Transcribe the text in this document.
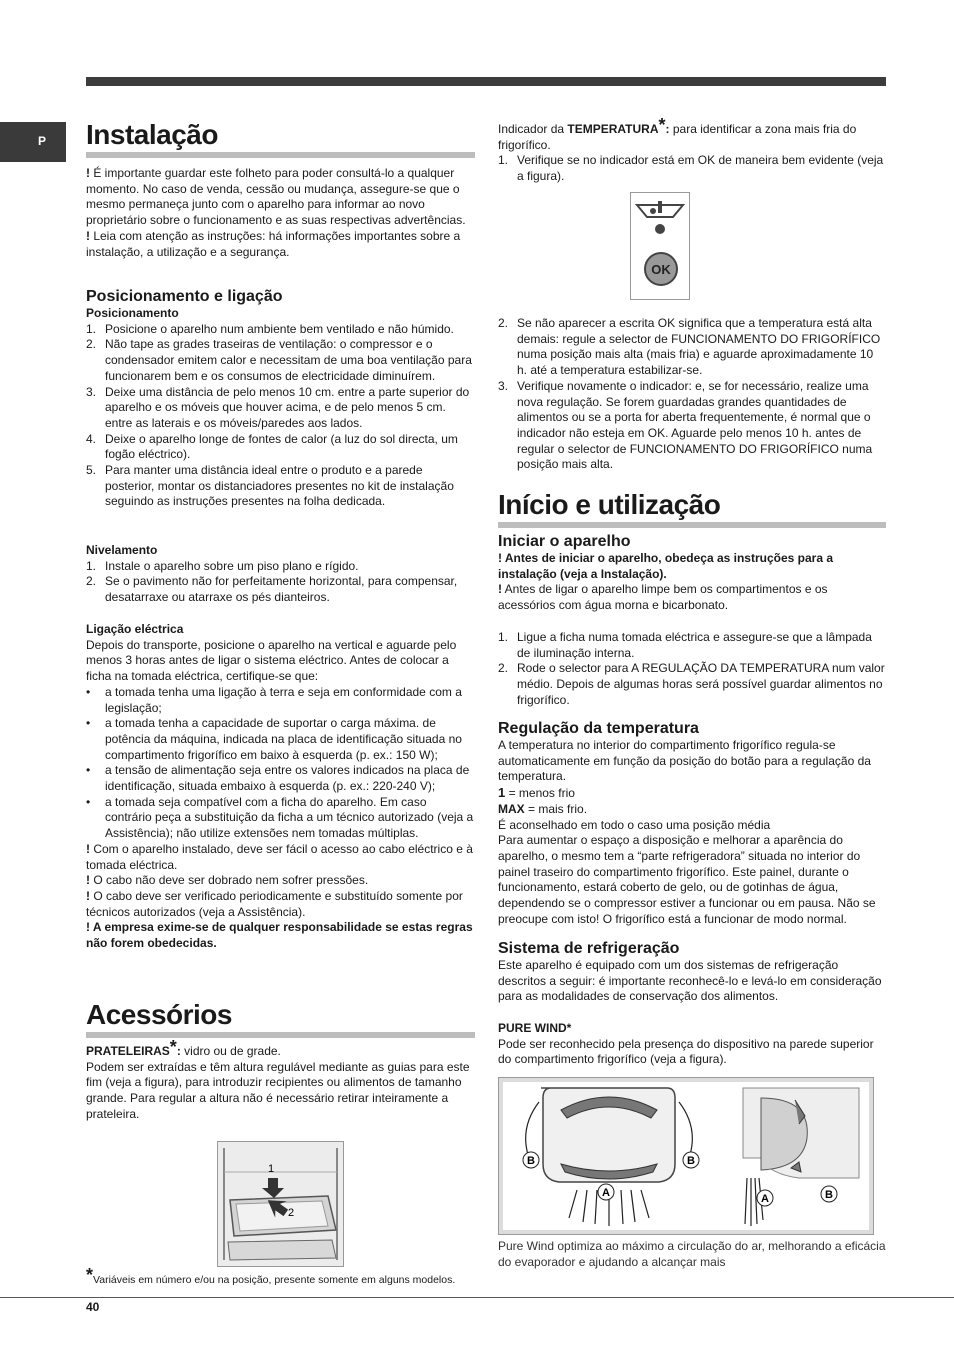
P Instalação

! É importante guardar este folheto para poder consultá-lo a qualquer momento. No caso de venda, cessão ou mudança, assegure-se que o mesmo permaneça junto com o aparelho para informar ao novo proprietário sobre o funcionamento e as suas respectivas advertências.

! Leia com atenção as instruções: há informações importantes sobre a instalação, a utilização e a segurança.

Posicionamento e ligação
Posicionamento
1. Posicione o aparelho num ambiente bem ventilado e não húmido.
2. Não tape as grades traseiras de ventilação: o compressor e o condensador emitem calor e necessitam de uma boa ventilação para funcionarem bem e os consumos de electricidade diminuírem.
3. Deixe uma distância de pelo menos 10 cm. entre a parte superior do aparelho e os móveis que houver acima, e de pelo menos 5 cm. entre as laterais e os móveis/paredes aos lados.
4. Deixe o aparelho longe de fontes de calor (a luz do sol directa, um fogão eléctrico).
5. Para manter uma distância ideal entre o produto e a parede posterior, montar os distanciadores presentes no kit de instalação seguindo as instruções presentes na folha dedicada.
Nivelamento
1. Instale o aparelho sobre um piso plano e rígido.
2. Se o pavimento não for perfeitamente horizontal, para compensar, desatarraxe ou atarraxe os pés dianteiros.
Ligação eléctrica

Depois do transporte, posicione o aparelho na vertical e aguarde pelo menos 3 horas antes de ligar o sistema eléctrico. Antes de colocar a ficha na tomada eléctrica, certifique-se que:

• a tomada tenha uma ligação à terra e seja em conformidade com a legislação;
• a tomada tenha a capacidade de suportar o carga máxima. de potência da máquina, indicada na placa de identificação situada no compartimento frigorífico em baixo à esquerda (p. ex.: 150 W);
• a tensão de alimentação seja entre os valores indicados na placa de identificação, situada embaixo à esquerda (p. ex.: 220-240 V);
• a tomada seja compatível com a ficha do aparelho. Em caso contrário peça a substituição da ficha a um técnico autorizado (veja a Assistência); não utilize extensões nem tomadas múltiplas.

! Com o aparelho instalado, deve ser fácil o acesso ao cabo eléctrico e à tomada eléctrica.

! O cabo não deve ser dobrado nem sofrer pressões.

! O cabo deve ser verificado periodicamente e substituído somente por técnicos autorizados (veja a Assistência).

! A empresa exime-se de qualquer responsabilidade se estas regras não forem obedecidas.

Acessórios

PRATELEIRAS*: vidro ou de grade.

Podem ser extraídas e têm altura regulável mediante as guias para este fim (veja a figura), para introduzir recipientes ou alimentos de tamanho grande. Para regular a altura não é necessário retirar inteiramente a prateleira.

1
2
*Variáveis em número e/ou na posição, presente somente em alguns modelos.

Indicador da TEMPERATURA*: para identificar a zona mais fria do frigorífico.

1. Verifique se no indicador está em OK de maneira bem evidente (veja a figura).
OK
2. Se não aparecer a escrita OK significa que a temperatura está alta demais: regule a selector de FUNCIONAMENTO DO FRIGORÍFICO numa posição mais alta (mais fria) e aguarde aproximadamente 10 h. até a temperatura estabilizar-se.
3. Verifique novamente o indicador: e, se for necessário, realize uma nova regulação. Se forem guardadas grandes quantidades de alimentos ou se a porta for aberta frequentemente, é normal que o indicador não esteja em OK. Aguarde pelo menos 10 h. antes de regular o selector de FUNCIONAMENTO DO FRIGORÍFICO numa posição mais alta.
Início e utilização
Iniciar o aparelho

! Antes de iniciar o aparelho, obedeça as instruções para a instalação (veja a Instalação).

! Antes de ligar o aparelho limpe bem os compartimentos e os acessórios com água morna e bicarbonato.

1. Ligue a ficha numa tomada eléctrica e assegure-se que a lâmpada de iluminação interna.
2. Rode o selector para A REGULAÇÃO DA TEMPERATURA num valor médio. Depois de algumas horas será possível guardar alimentos no frigorífico.
Regulação da temperatura

A temperatura no interior do compartimento frigorífico regula-se automaticamente em função da posição do botão para a regulação da temperatura.

1 = menos frio

MAX = mais frio.

É aconselhado em todo o caso uma posição média

Para aumentar o espaço a disposição e melhorar a aparência do aparelho, o mesmo tem a “parte refrigeradora” situada no interior do painel traseiro do compartimento frigorífico. Este painel, durante o funcionamento, estará coberto de gelo, ou de gotinhas de água, dependendo se o compressor estiver a funcionar ou em pausa. Não se preocupe com isto! O frigorífico está a funcionar de modo normal.

Sistema de refrigeração

Este aparelho é equipado com um dos sistemas de refrigeração descritos a seguir: é importante reconhecê-lo e levá-lo em consideração para as modalidades de conservação dos alimentos.

PURE WIND*

Pode ser reconhecido pela presença do dispositivo na parede superior do compartimento frigorífico (veja a figura).

B	B
A	A	B
Pure Wind optimiza ao máximo a circulação do ar, melhorando a eficácia do evaporador e ajudando a alcançar mais
40
